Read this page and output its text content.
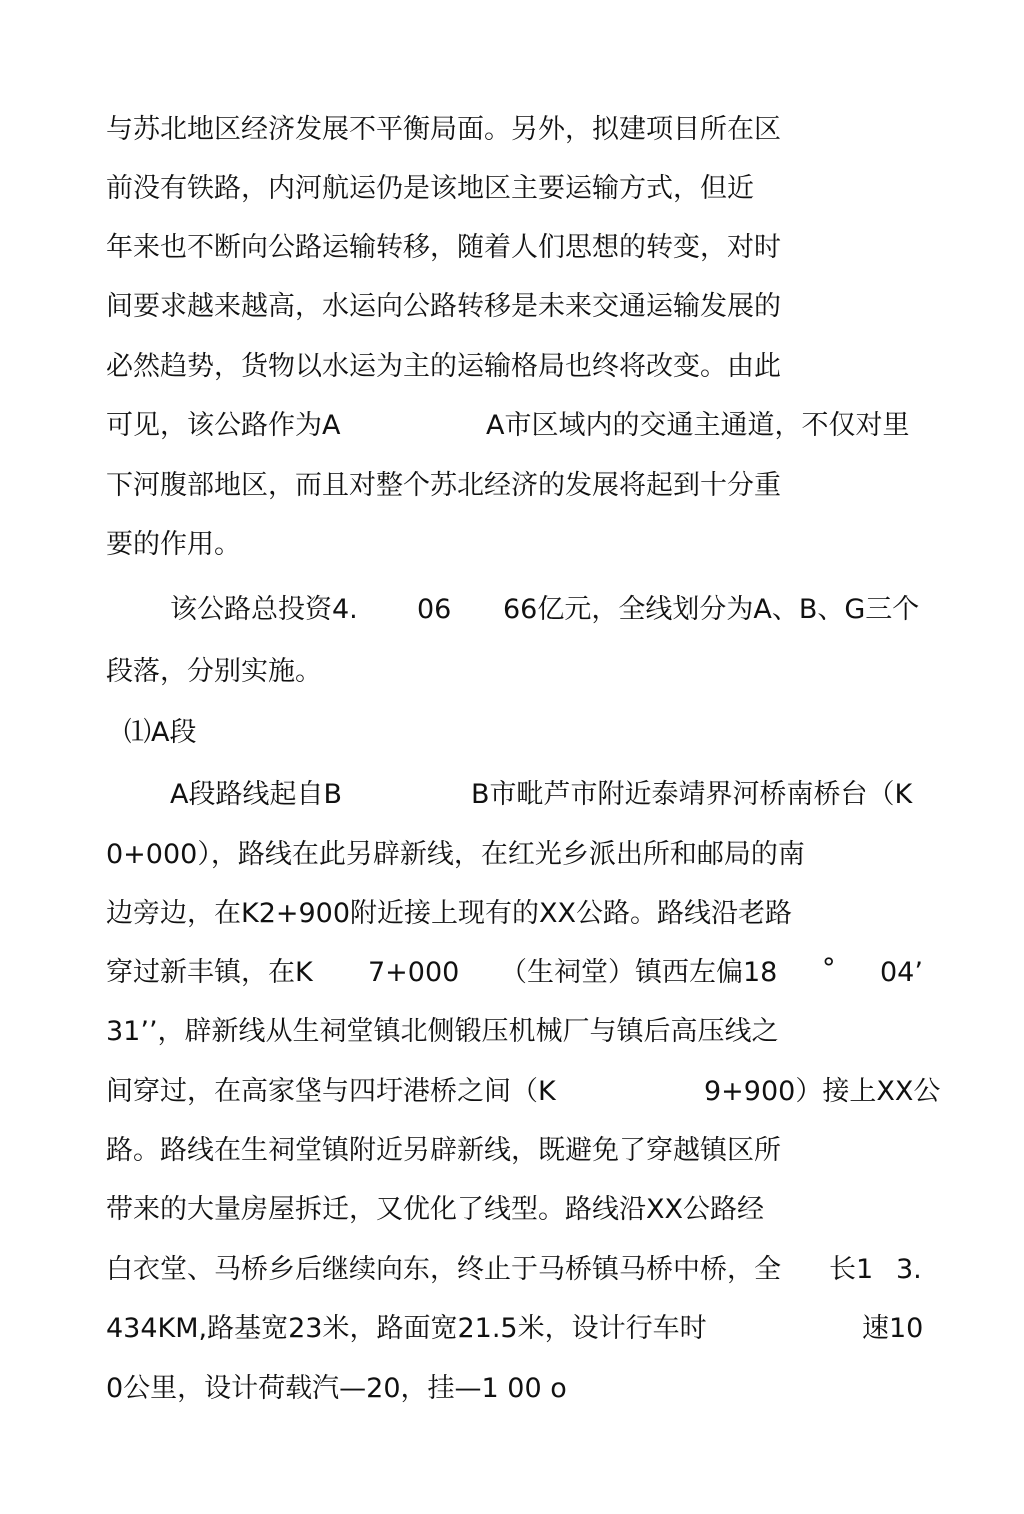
与苏北地区经济发展不平衡局面。另外，拟建项目所在区
前没有铁路，内河航运仍是该地区主要运输方式，但近
年来也不断向公路运输转移，随着人们思想的转变，对时
间要求越来越高，水运向公路转移是未来交通运输发展的
必然趋势，货物以水运为主的运输格局也终将改变。由此
可见，该公路作为A	A市区域内的交通主通道，不仅对里
下河腹部地区，而且对整个苏北经济的发展将起到十分重
要的作用。
该公路总投资4. 06 66亿元，全线划分为A、B、G三个
段落，分别实施。
⑴A段
A段路线起自B	B市毗芦市附近泰靖界河桥南桥台（K
0+000），路线在此另辟新线，在红光乡派出所和邮局的南
边旁边，在K2+900附近接上现有的XX公路。路线沿老路
穿过新丰镇，在K 7+000 （生祠堂）镇西左偏18 ° 04’
31’’，辟新线从生祠堂镇北侧锻压机械厂与镇后高压线之
间穿过，在高家垡与四圩港桥之间（K	9+900）接上XX公
路。路线在生祠堂镇附近另辟新线，既避免了穿越镇区所
带来的大量房屋拆迁，又优化了线型。路线沿XX公路经
白衣堂、马桥乡后继续向东，终止于马桥镇马桥中桥，全 长1 3.
434KM,路基宽23米，路面宽21.5米，设计行车时	速10
0公里，设计荷载汽—20，挂—1 00 o
